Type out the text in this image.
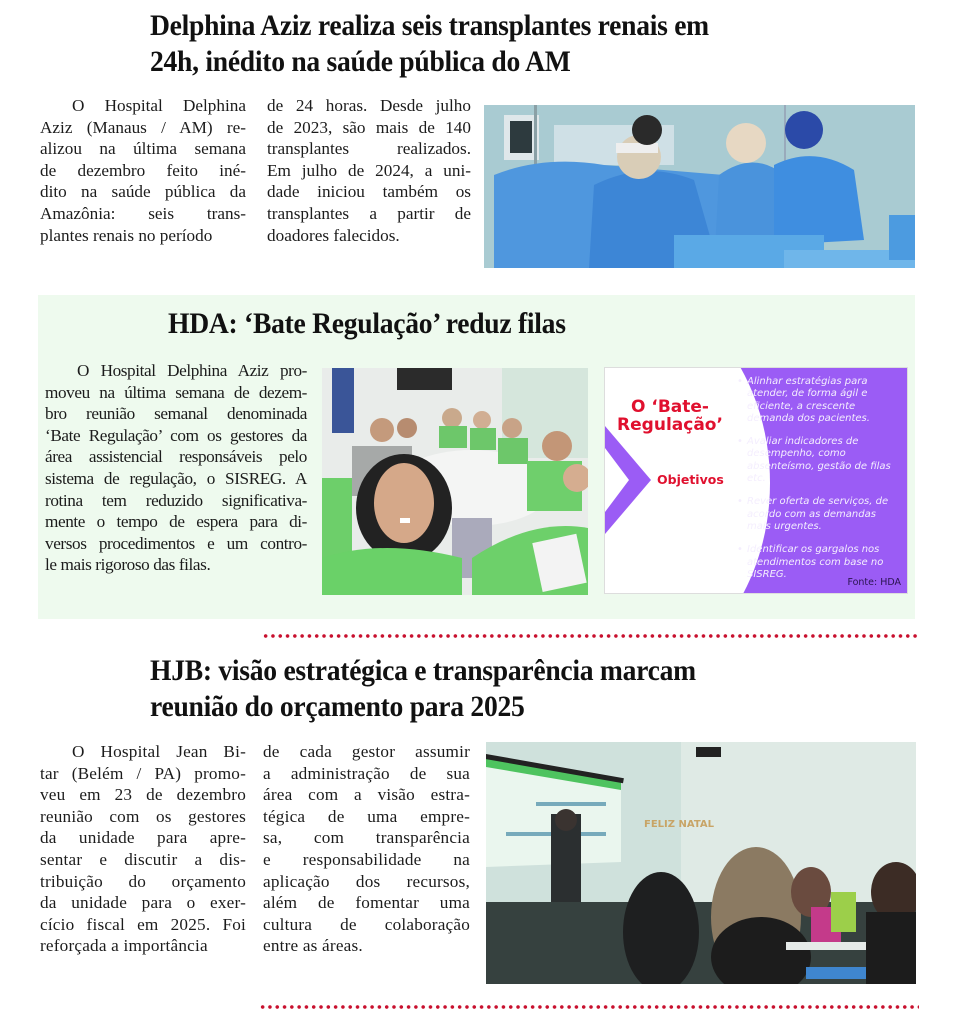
Delphina Aziz realiza seis transplantes renais em
24h, inédito na saúde pública do AM
O Hospital Delphina
Aziz (Manaus / AM) re-
alizou na última semana
de dezembro feito iné-
dito na saúde pública da
Amazônia: seis trans-
plantes renais no período
de 24 horas. Desde julho
de 2023, são mais de 140
transplantes realizados.
Em julho de 2024, a uni-
dade iniciou também os
transplantes a partir de
doadores falecidos.
HDA: ‘Bate Regulação’ reduz filas
O Hospital Delphina Aziz pro-
moveu na última semana de dezem-
bro reunião semanal denominada
‘Bate Regulação’ com os gestores da
área assistencial responsáveis pelo
sistema de regulação, o SISREG. A
rotina tem reduzido significativa-
mente o tempo de espera para di-
versos procedimentos e um contro-
le mais rigoroso das filas.
O ‘Bate-
Regulação’
Objetivos
• Alinhar estratégias para atender, de forma ágil e eficiente, a crescente demanda dos pacientes.
• Avaliar indicadores de desempenho, como absenteísmo, gestão de filas etc.
• Rever oferta de serviços, de acordo com as demandas mais urgentes.
• Identificar os gargalos nos atendimentos com base no SISREG.
Fonte: HDA
HJB: visão estratégica e transparência marcam
reunião do orçamento para 2025
O Hospital Jean Bi-
tar (Belém / PA) promo-
veu em 23 de dezembro
reunião com os gestores
da unidade para apre-
sentar e discutir a dis-
tribuição do orçamento
da unidade para o exer-
cício fiscal em 2025. Foi
reforçada a importância
de cada gestor assumir
a administração de sua
área com a visão estra-
tégica de uma empre-
sa, com transparência
e responsabilidade na
aplicação dos recursos,
além de fomentar uma
cultura de colaboração
entre as áreas.
FELIZ NATAL
